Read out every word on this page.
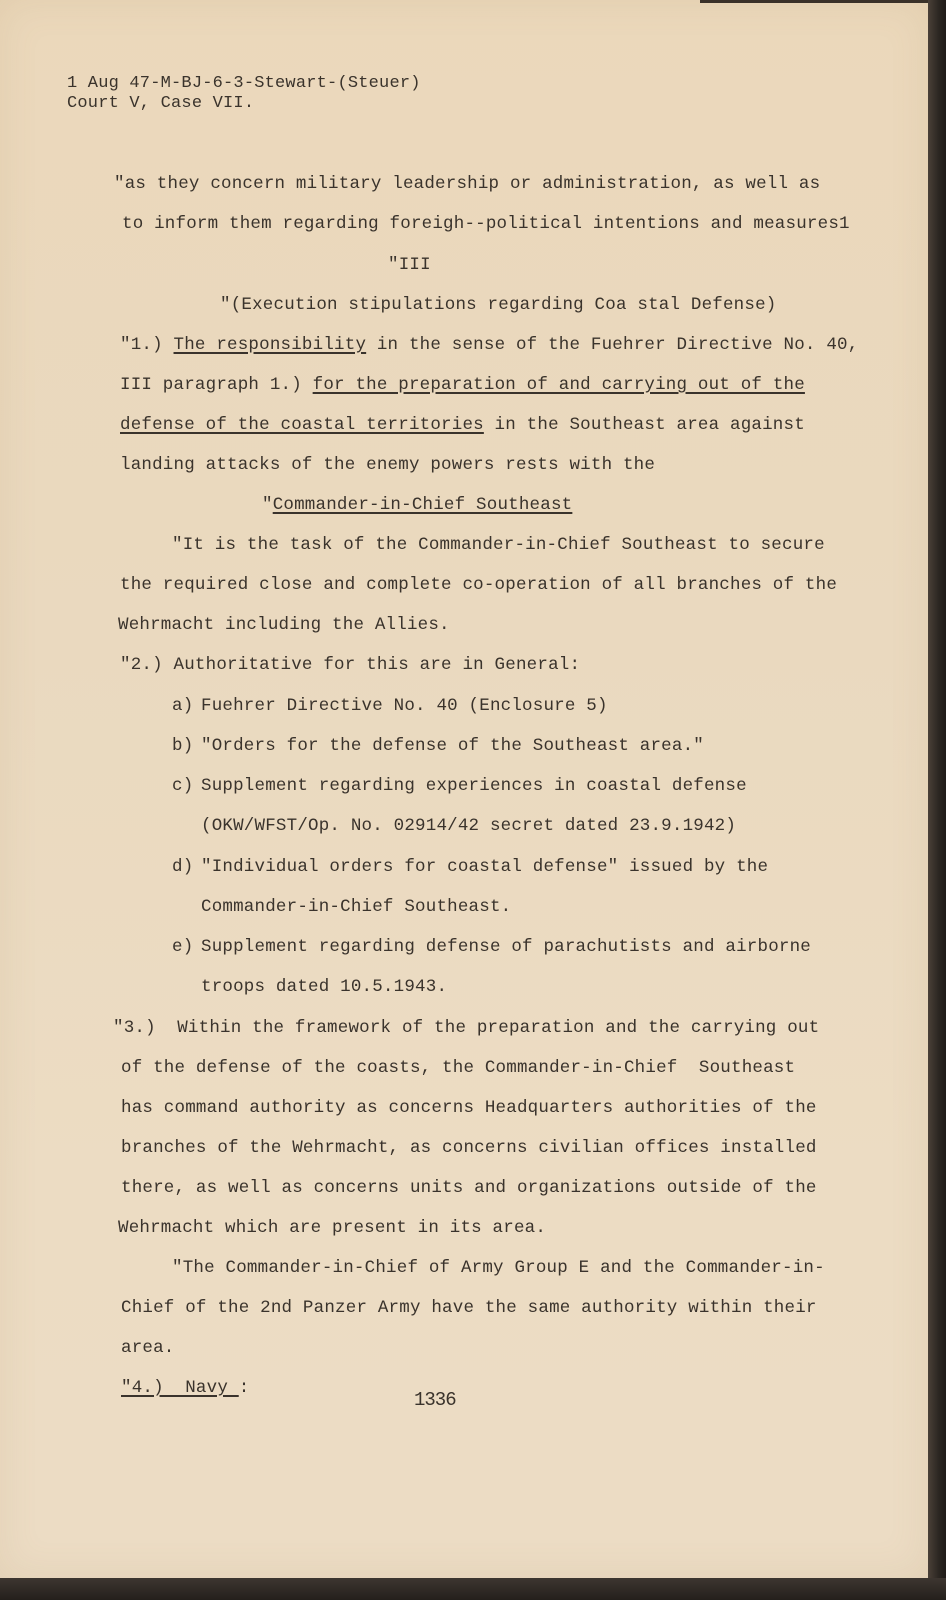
1 Aug 47-M-BJ-6-3-Stewart-(Steuer)
Court V, Case VII.
"as they concern military leadership or administration, as well as
to inform them regarding foreigh--political intentions and measures1
"III
"(Execution stipulations regarding Coa stal Defense)
"1.) The responsibility in the sense of the Fuehrer Directive No. 40,
III paragraph 1.) for the preparation of and carrying out of the
defense of the coastal territories in the Southeast area against
landing attacks of the enemy powers rests with the
"Commander-in-Chief Southeast
"It is the task of the Commander-in-Chief Southeast to secure
the required close and complete co-operation of all branches of the
Wehrmacht including the Allies.
"2.) Authoritative for this are in General:
a) Fuehrer Directive No. 40 (Enclosure 5)
b) "Orders for the defense of the Southeast area."
c) Supplement regarding experiences in coastal defense
(OKW/WFST/Op. No. 02914/42 secret dated 23.9.1942)
d) "Individual orders for coastal defense" issued by the
Commander-in-Chief Southeast.
e) Supplement regarding defense of parachutists and airborne
troops dated 10.5.1943.
"3.)  Within the framework of the preparation and the carrying out
of the defense of the coasts, the Commander-in-Chief  Southeast
has command authority as concerns Headquarters authorities of the
branches of the Wehrmacht, as concerns civilian offices installed
there, as well as concerns units and organizations outside of the
Wehrmacht which are present in its area.
"The Commander-in-Chief of Army Group E and the Commander-in-
Chief of the 2nd Panzer Army have the same authority within their
area.
"4.)  Navy :
1336
